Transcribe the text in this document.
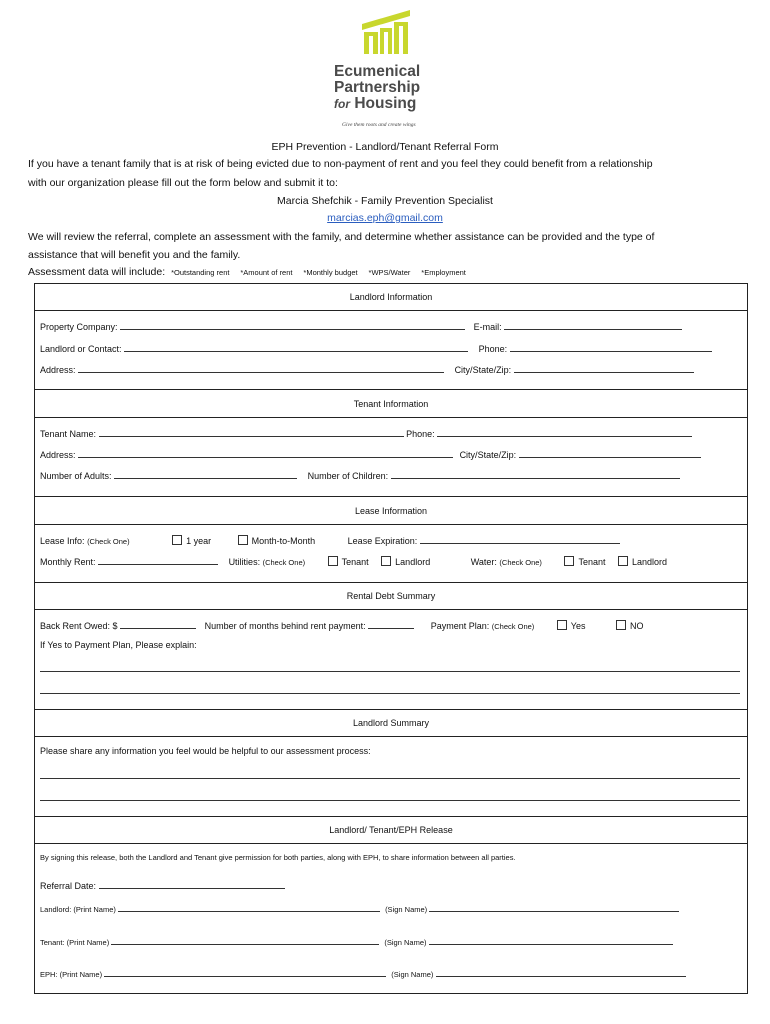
Ecumenical
Partnership
for Housing
Give them roots and create wings
EPH Prevention - Landlord/Tenant Referral Form
If you have a tenant family that is at risk of being evicted due to non-payment of rent and you feel they could benefit from a relationship
with our organization please fill out the form below and submit it to:
Marcia Shefchik - Family Prevention Specialist
marcias.eph@gmail.com
We will review the referral, complete an assessment with the family, and determine whether assistance can be provided and the type of
assistance that will benefit you and the family.
Assessment data will include: *Outstanding rent *Amount of rent *Monthly budget *WPS/Water *Employment
Landlord Information
Property Company:	E-mail:
Landlord or Contact:	Phone:
Address:	City/State/Zip:
Tenant Information
Tenant Name:	Phone:
Address:	City/State/Zip:
Number of Adults:	Number of Children:
Lease Information
Lease Info: (Check One)	1 year	Month-to-Month	Lease Expiration:
Monthly Rent:	Utilities: (Check One)	Tenant	Landlord	Water: (Check One)	Tenant	Landlord
Rental Debt Summary
Back Rent Owed: $	Number of months behind rent payment:	Payment Plan: (Check One)	Yes	NO
If Yes to Payment Plan, Please explain:
Landlord Summary
Please share any information you feel would be helpful to our assessment process:
Landlord/ Tenant/EPH Release
By signing this release, both the Landlord and Tenant give permission for both parties, along with EPH, to share information between all parties.
Referral Date:
Landlord: (Print Name)	(Sign Name)
Tenant: (Print Name)	(Sign Name)
EPH: (Print Name)	(Sign Name)
